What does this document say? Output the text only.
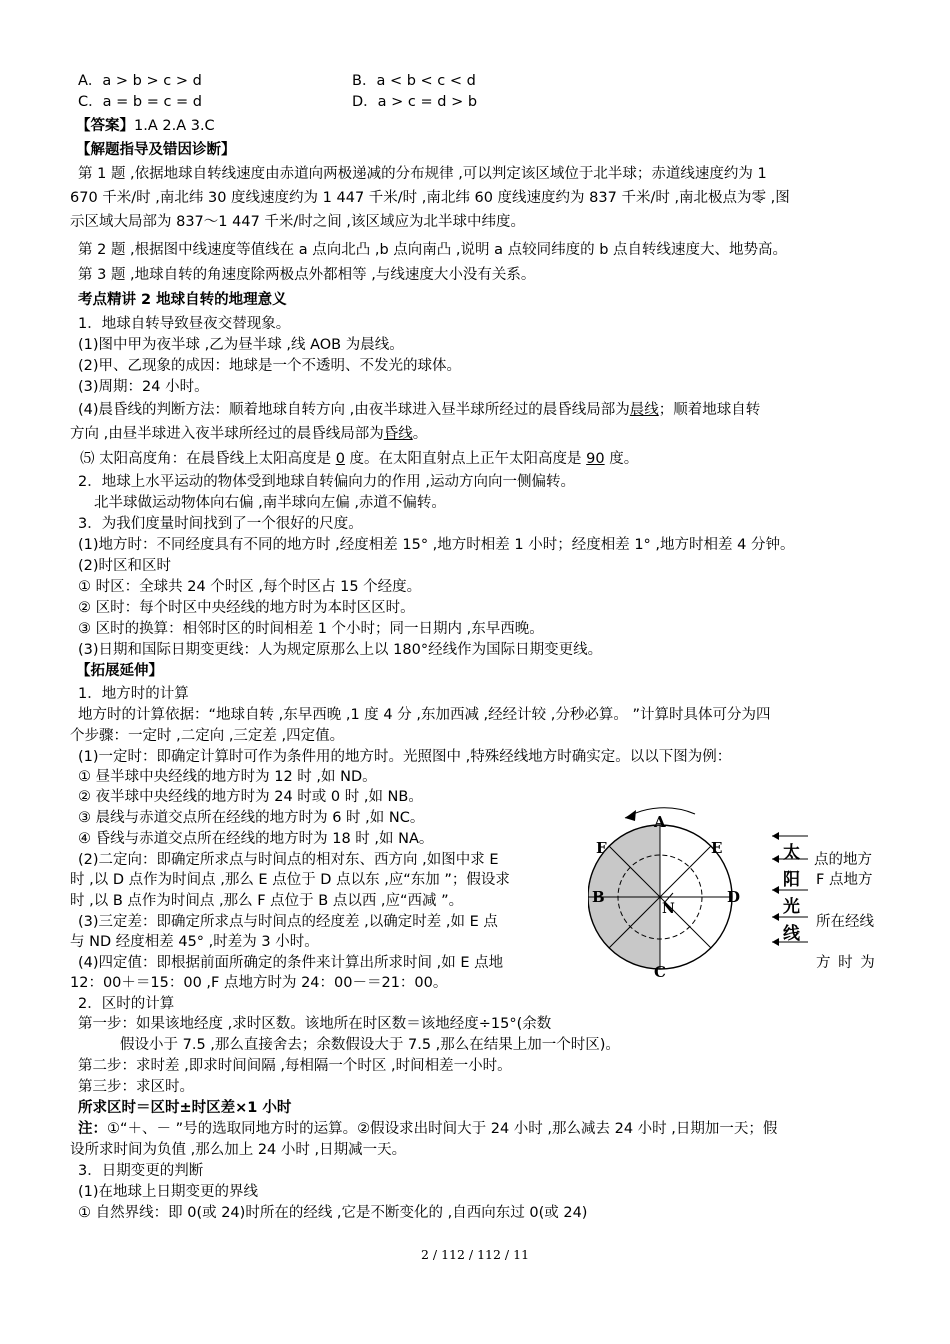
A．a > b > c > d	B．a < b < c < d
C．a = b = c = d	D．a > c = d > b
【答案】1.A 2.A 3.C
【解题指导及错因诊断】
第 1 题 ,依据地球自转线速度由赤道向两极递减的分布规律 ,可以判定该区域位于北半球；赤道线速度约为 1
670 千米/时 ,南北纬 30 度线速度约为 1 447 千米/时 ,南北纬 60 度线速度约为 837 千米/时 ,南北极点为零 ,图
示区域大局部为 837～1 447 千米/时之间 ,该区域应为北半球中纬度。
第 2 题 ,根据图中线速度等值线在 a 点向北凸 ,b 点向南凸 ,说明 a 点较同纬度的 b 点自转线速度大、地势高。
第 3 题 ,地球自转的角速度除两极点外都相等 ,与线速度大小没有关系。
考点精讲 2 地球自转的地理意义
1．地球自转导致昼夜交替现象。
(1)图中甲为夜半球 ,乙为昼半球 ,线 AOB 为晨线。
(2)甲、乙现象的成因：地球是一个不透明、不发光的球体。
(3)周期：24 小时。
(4)晨昏线的判断方法：顺着地球自转方向 ,由夜半球进入昼半球所经过的晨昏线局部为晨线；顺着地球自转
方向 ,由昼半球进入夜半球所经过的晨昏线局部为昏线。
⑸ 太阳高度角：在晨昏线上太阳高度是 0 度。在太阳直射点上正午太阳高度是 90 度。
2．地球上水平运动的物体受到地球自转偏向力的作用 ,运动方向向一侧偏转。
北半球做运动物体向右偏 ,南半球向左偏 ,赤道不偏转。
3．为我们度量时间找到了一个很好的尺度。
(1)地方时：不同经度具有不同的地方时 ,经度相差 15° ,地方时相差 1 小时；经度相差 1° ,地方时相差 4 分钟。
(2)时区和区时
① 时区：全球共 24 个时区 ,每个时区占 15 个经度。
② 区时：每个时区中央经线的地方时为本时区区时。
③ 区时的换算：相邻时区的时间相差 1 个小时；同一日期内 ,东早西晚。
(3)日期和国际日期变更线：人为规定原那么上以 180°经线作为国际日期变更线。
【拓展延伸】
1．地方时的计算
地方时的计算依据：“地球自转 ,东早西晚 ,1 度 4 分 ,东加西减 ,经经计较 ,分秒必算。 ”计算时具体可分为四
个步骤：一定时 ,二定向 ,三定差 ,四定值。
(1)一定时：即确定计算时可作为条件用的地方时。光照图中 ,特殊经线地方时确实定。以以下图为例：
① 昼半球中央经线的地方时为 12 时 ,如 ND。
② 夜半球中央经线的地方时为 24 时或 0 时 ,如 NB。
③ 晨线与赤道交点所在经线的地方时为 6 时 ,如 NC。
④ 昏线与赤道交点所在经线的地方时为 18 时 ,如 NA。
(2)二定向：即确定所求点与时间点的相对东、西方向 ,如图中求 E	点的地方
时 ,以 D 点作为时间点 ,那么 E 点位于 D 点以东 ,应“东加 ”；假设求	F 点地方
时 ,以 B 点作为时间点 ,那么 F 点位于 B 点以西 ,应“西减 ”。
(3)三定差：即确定所求点与时间点的经度差 ,以确定时差 ,如 E 点	所在经线
与 ND 经度相差 45° ,时差为 3 小时。
(4)四定值：即根据前面所确定的条件来计算出所求时间 ,如 E 点地	方 时 为
12：00＋＝15：00 ,F 点地方时为 24：00－＝21：00。
2．区时的计算
第一步：如果该地经度 ,求时区数。该地所在时区数＝该地经度÷15°(余数
假设小于 7.5 ,那么直接舍去；余数假设大于 7.5 ,那么在结果上加一个时区)。
第二步：求时差 ,即求时间间隔 ,每相隔一个时区 ,时间相差一小时。
第三步：求区时。
所求区时＝区时±时区差×1 小时
注：①“＋、－ ”号的选取同地方时的运算。②假设求出时间大于 24 小时 ,那么减去 24 小时 ,日期加一天；假
设所求时间为负值 ,那么加上 24 小时 ,日期减一天。
3．日期变更的判断
(1)在地球上日期变更的界线
① 自然界线：即 0(或 24)时所在的经线 ,它是不断变化的 ,自西向东过 0(或 24)
A
C
B	D
F	E
N
太
阳
光
线
2 / 112 / 112 / 11
